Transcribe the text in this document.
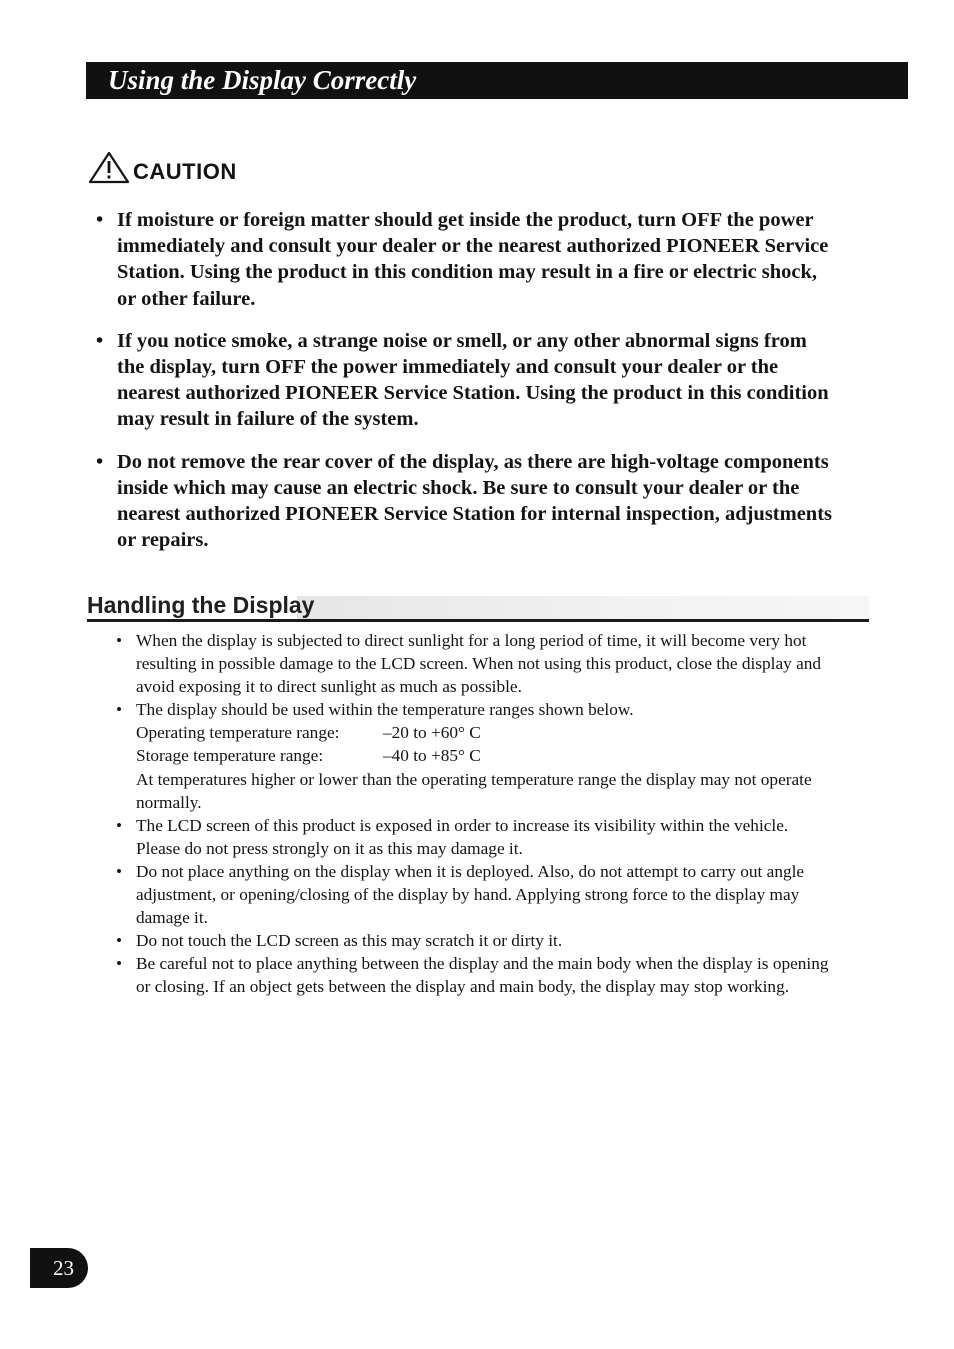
Using the Display Correctly
CAUTION
• If moisture or foreign matter should get inside the product, turn OFF the power immediately and consult your dealer or the nearest authorized PIONEER Service Station. Using the product in this condition may result in a fire or electric shock, or other failure.
• If you notice smoke, a strange noise or smell, or any other abnormal signs from the display, turn OFF the power immediately and consult your dealer or the nearest authorized PIONEER Service Station. Using the product in this condition may result in failure of the system.
• Do not remove the rear cover of the display, as there are high-voltage components inside which may cause an electric shock. Be sure to consult your dealer or the nearest authorized PIONEER Service Station for internal inspection, adjustments or repairs.
Handling the Display
• When the display is subjected to direct sunlight for a long period of time, it will become very hot resulting in possible damage to the LCD screen. When not using this product, close the display and avoid exposing it to direct sunlight as much as possible.
• The display should be used within the temperature ranges shown below.
Operating temperature range:	–20 to +60° C
Storage temperature range:	–40 to +85° C
At temperatures higher or lower than the operating temperature range the display may not operate normally.
• The LCD screen of this product is exposed in order to increase its visibility within the vehicle. Please do not press strongly on it as this may damage it.
• Do not place anything on the display when it is deployed. Also, do not attempt to carry out angle adjustment, or opening/closing of the display by hand. Applying strong force to the display may damage it.
• Do not touch the LCD screen as this may scratch it or dirty it.
• Be careful not to place anything between the display and the main body when the display is opening or closing. If an object gets between the display and main body, the display may stop working.
23
